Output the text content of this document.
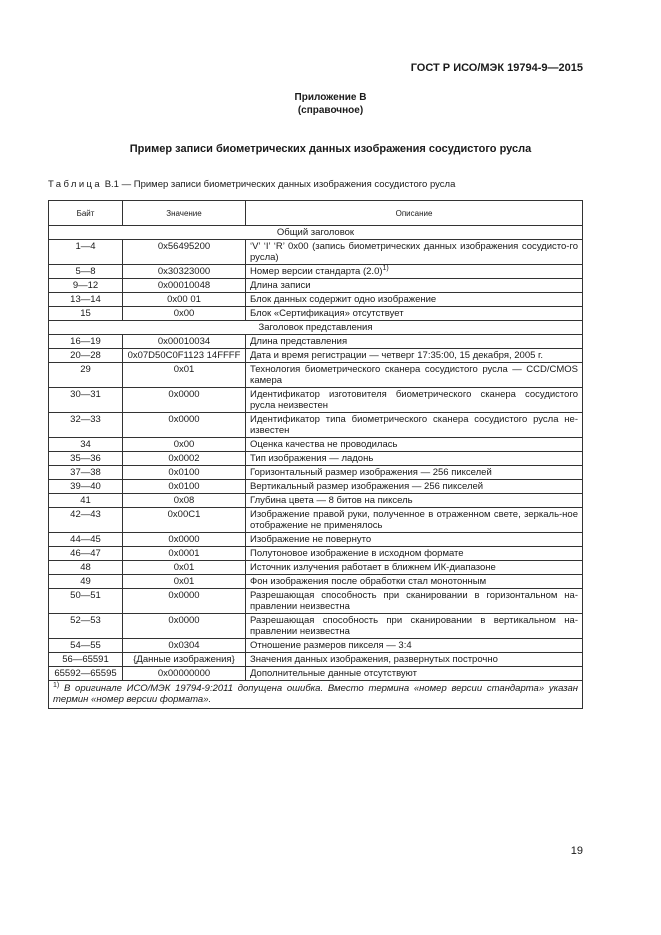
ГОСТ Р ИСО/МЭК 19794-9—2015
Приложение В
(справочное)
Пример записи биометрических данных изображения сосудистого русла
Таблица В.1 — Пример записи биометрических данных изображения сосудистого русла
Байт	Значение	Описание
Общий заголовок		
1—4	0x56495200	‘V’ ‘I’ ‘R’ 0x00 (запись биометрических данных изображения сосудисто-го русла)
5—8	0x30323000	Номер версии стандарта $(2.0)^{1)}$
9—12	0x00010048	Длина записи
13—14	0x00 01	Блок данных содержит одно изображение
15	0x00	Блок «Сертификация» отсутствует
Заголовок представления		
16—19	0x00010034	Длина представления
20—28	0x07D50C0F1123 14FFFF	Дата и время регистрации — четверг 17:35:00, 15 декабря, 2005 г.
29	0x01	Технология биометрического сканера сосудистого русла — CCD/CMOS камера
30—31	0x0000	Идентификатор изготовителя биометрического сканера сосудистого русла неизвестен
32—33	0x0000	Идентификатор типа биометрического сканера сосудистого русла не-известен
34	0x00	Оценка качества не проводилась
35—36	0x0002	Тип изображения — ладонь
37—38	0x0100	Горизонтальный размер изображения — 256 пикселей
39—40	0x0100	Вертикальный размер изображения — 256 пикселей
41	0x08	Глубина цвета — 8 битов на пиксель
42—43	0x00C1	Изображение правой руки, полученное в отраженном свете, зеркаль-ное отображение не применялось
44—45	0x0000	Изображение не повернуто
46—47	0x0001	Полутоновое изображение в исходном формате
48	0x01	Источник излучения работает в ближнем ИК-диапазоне
49	0x01	Фон изображения после обработки стал монотонным
50—51	0x0000	Разрешающая способность при сканировании в горизонтальном на-правлении неизвестна
52—53	0x0000	Разрешающая способность при сканировании в вертикальном на-правлении неизвестна
54—55	0x0304	Отношение размеров пикселя — 3:4
56—65591	{Данные изображения}	Значения данных изображения, развернутых построчно
65592—65595	0x00000000	Дополнительные данные отсутствуют
$^{1)}$ В оригинале ИСО/МЭК 19794-9:2011 допущена ошибка. Вместо термина «номер версии стандарта» указан термин «номер версии формата».		
19
